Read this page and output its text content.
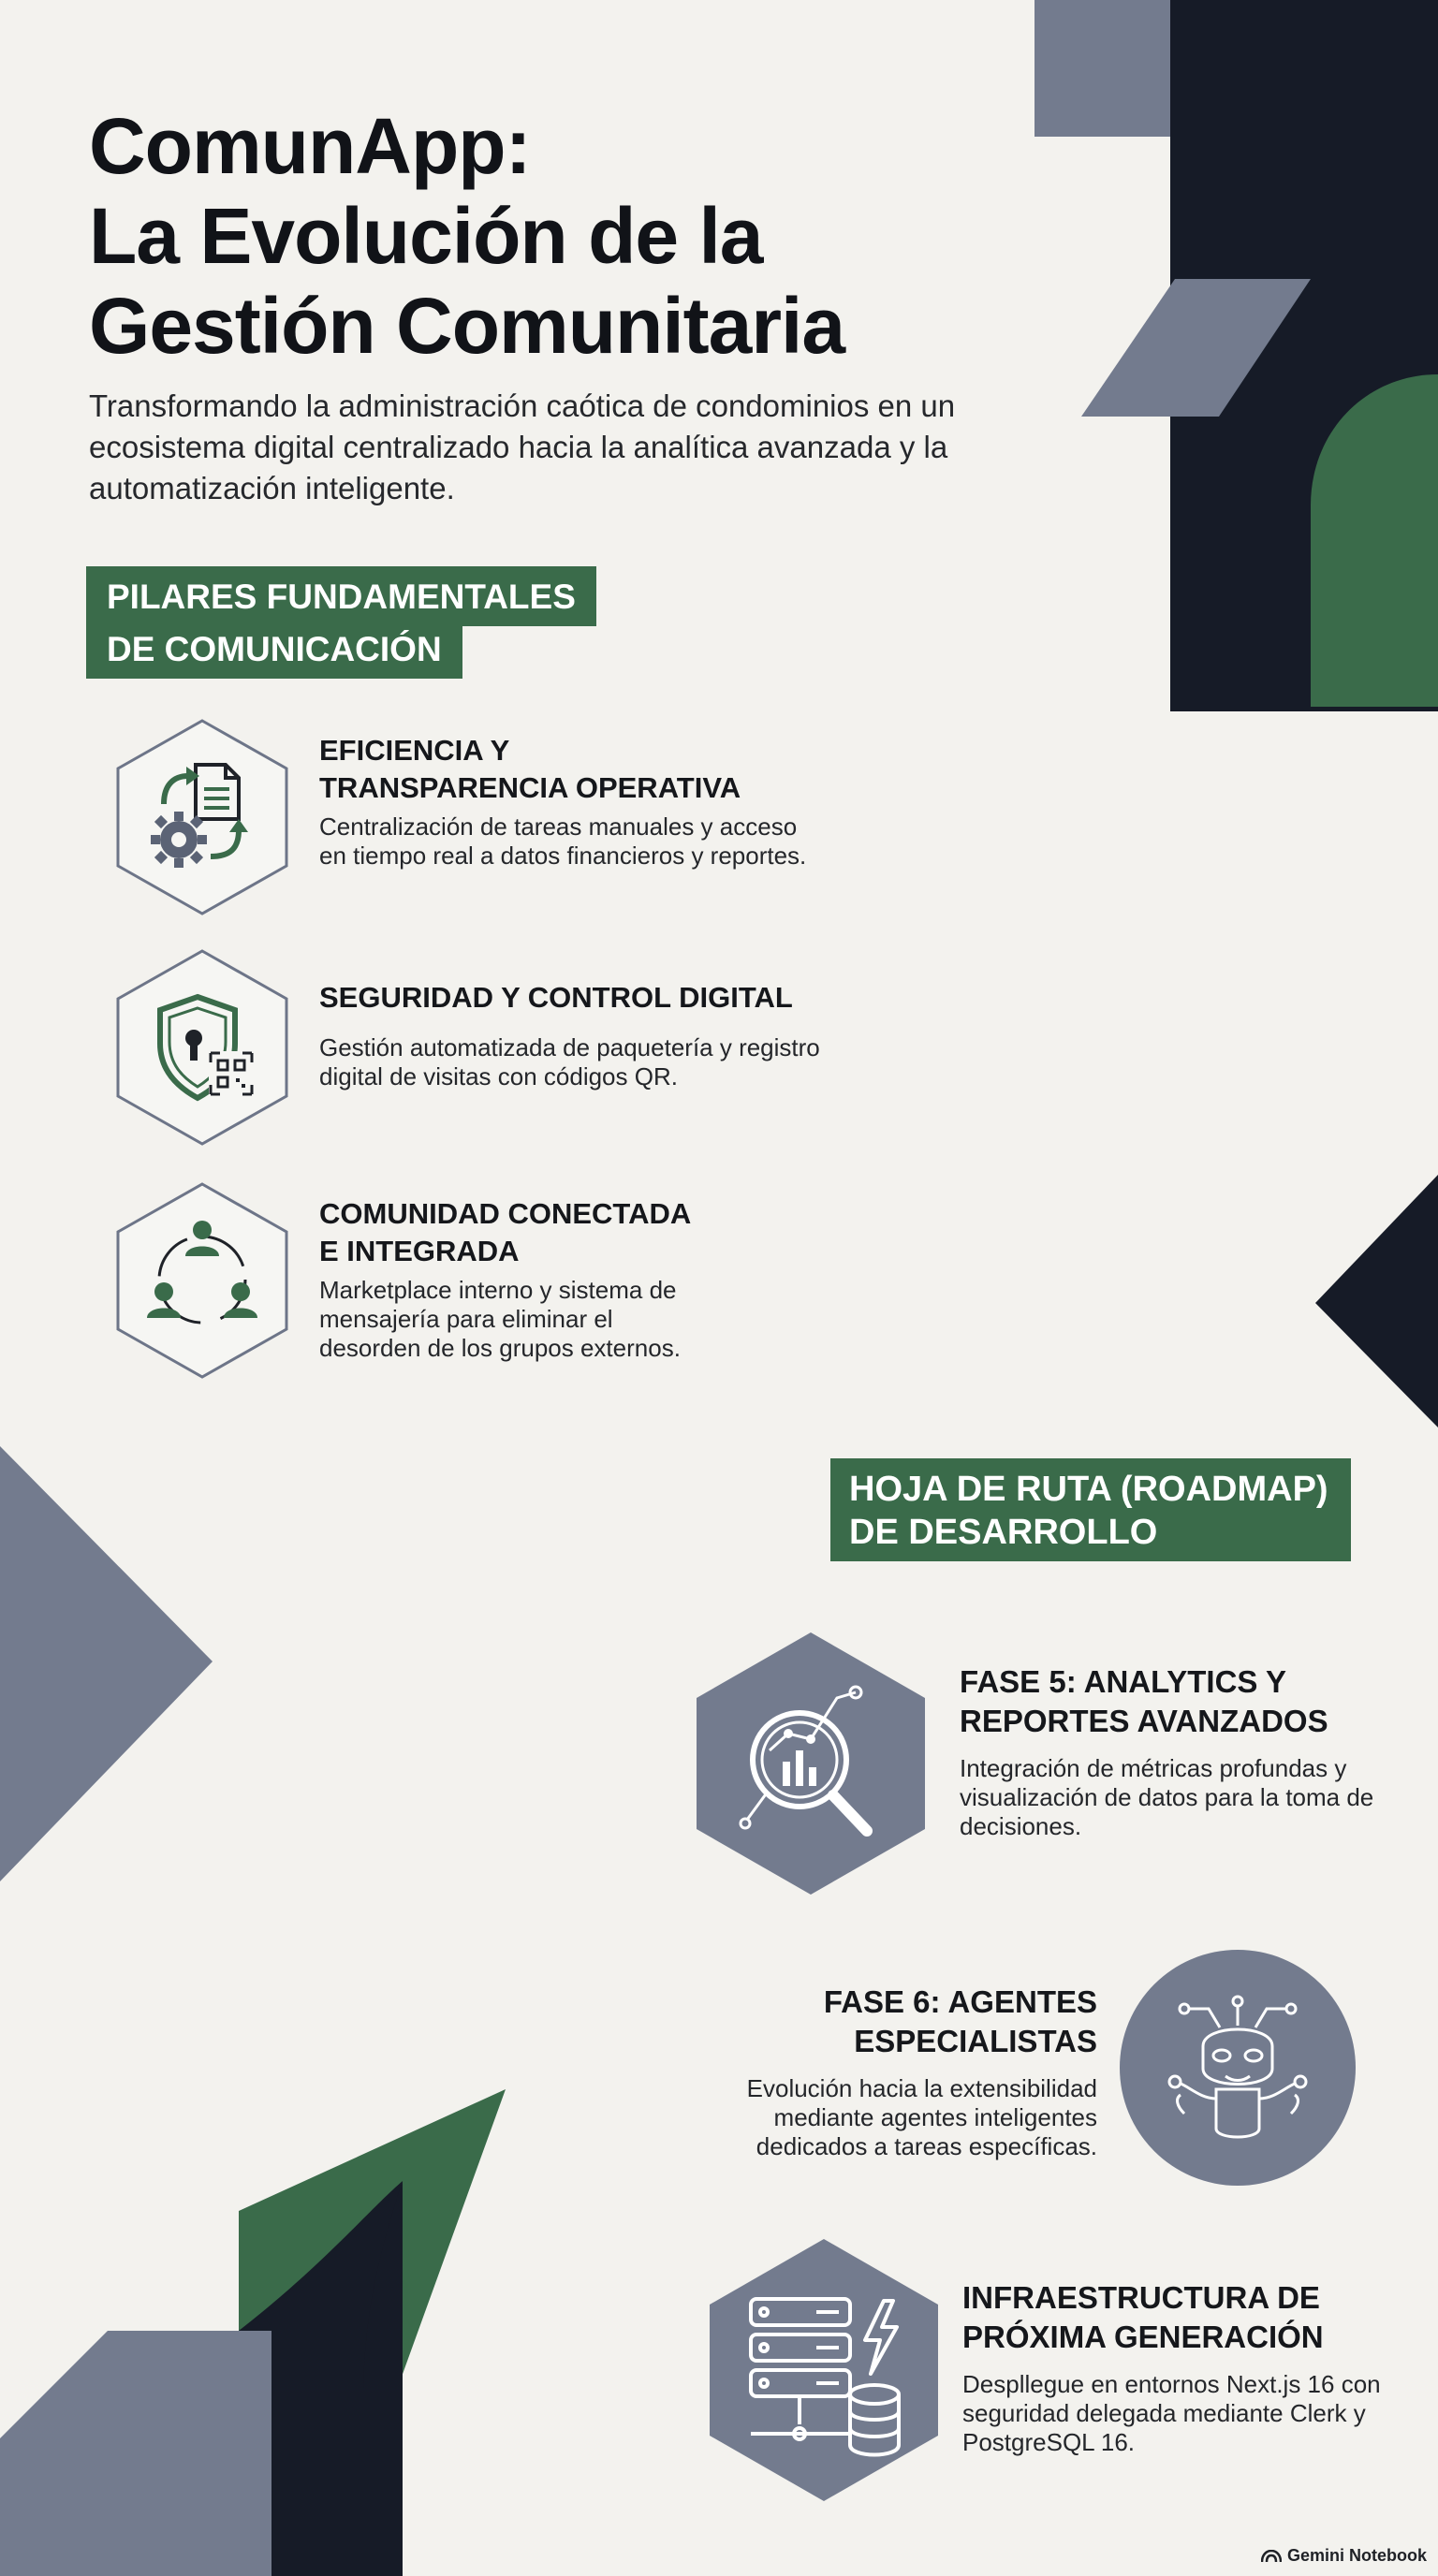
ComunApp:
La Evolución de la
Gestión Comunitaria
Transformando la administración caótica de condominios en un ecosistema digital centralizado hacia la analítica avanzada y la automatización inteligente.
PILARES FUNDAMENTALES
DE COMUNICACIÓN
EFICIENCIA Y
TRANSPARENCIA OPERATIVA
Centralización de tareas manuales y acceso en tiempo real a datos financieros y reportes.
SEGURIDAD Y CONTROL DIGITAL
Gestión automatizada de paquetería y registro digital de visitas con códigos QR.
COMUNIDAD CONECTADA
E INTEGRADA
Marketplace interno y sistema de mensajería para eliminar el desorden de los grupos externos.
HOJA DE RUTA (ROADMAP)
DE DESARROLLO
FASE 5: ANALYTICS Y
REPORTES AVANZADOS
Integración de métricas profundas y visualización de datos para la toma de decisiones.
FASE 6: AGENTES
ESPECIALISTAS
Evolución hacia la extensibilidad mediante agentes inteligentes dedicados a tareas específicas.
INFRAESTRUCTURA DE
PRÓXIMA GENERACIÓN
Despllegue en entornos Next.js 16 con seguridad delegada mediante Clerk y PostgreSQL 16.
Gemini Notebook
